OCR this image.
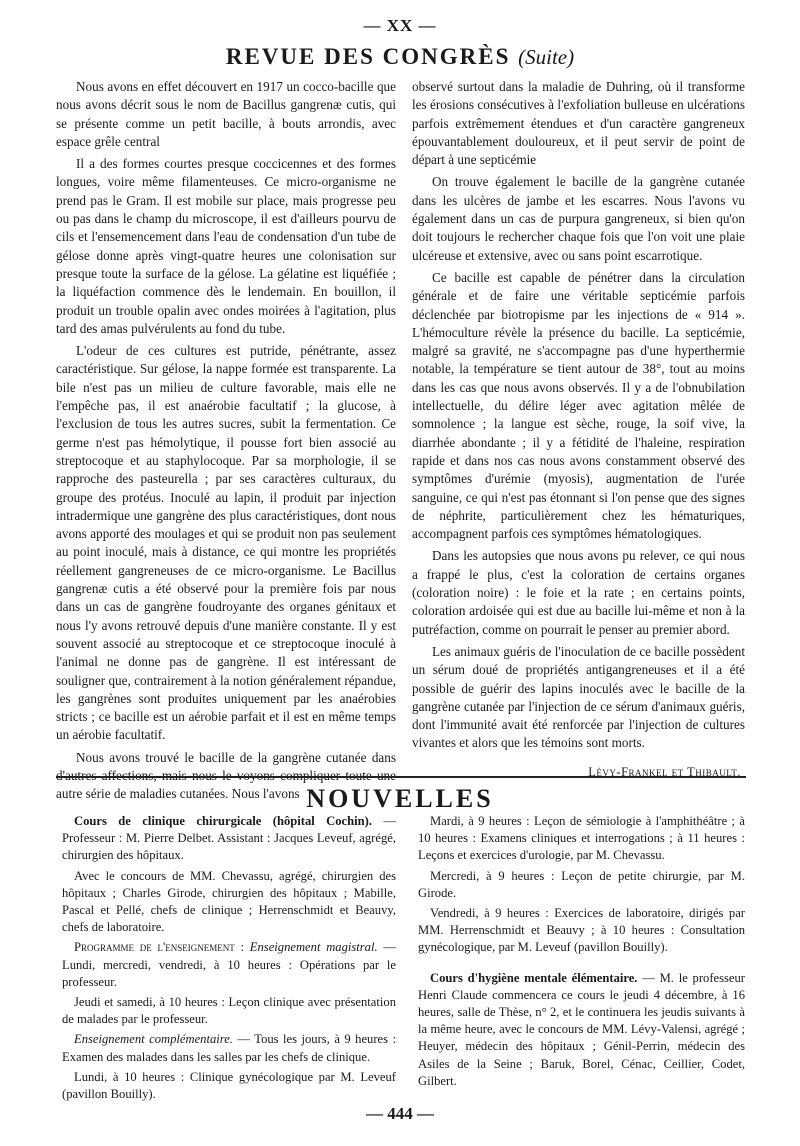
— XX —
REVUE DES CONGRÈS (Suite)

Nous avons en effet découvert en 1917 un cocco-bacille que nous avons décrit sous le nom de Bacillus gangrenæ cutis, qui se présente comme un petit bacille, à bouts arrondis, avec espace grêle central

Il a des formes courtes presque coccicennes et des formes longues, voire même filamenteuses. Ce micro-organisme ne prend pas le Gram. Il est mobile sur place, mais progresse peu ou pas dans le champ du microscope, il est d'ailleurs pourvu de cils et l'ensemencement dans l'eau de condensation d'un tube de gélose donne après vingt-quatre heures une colonisation sur presque toute la surface de la gélose. La gélatine est liquéfiée ; la liquéfaction commence dès le lendemain. En bouillon, il produit un trouble opalin avec ondes moirées à l'agitation, plus tard des amas pulvérulents au fond du tube.

L'odeur de ces cultures est putride, pénétrante, assez caractéristique. Sur gélose, la nappe formée est transparente. La bile n'est pas un milieu de culture favorable, mais elle ne l'empêche pas, il est anaérobie facultatif ; la glucose, à l'exclusion de tous les autres sucres, subit la fermentation. Ce germe n'est pas hémolytique, il pousse fort bien associé au streptocoque et au staphylocoque. Par sa morphologie, il se rapproche des pasteurella ; par ses caractères culturaux, du groupe des protéus. Inoculé au lapin, il produit par injection intradermique une gangrène des plus caractéristiques, dont nous avons apporté des moulages et qui se produit non pas seulement au point inoculé, mais à distance, ce qui montre les propriétés réellement gangreneuses de ce micro-organisme. Le Bacillus gangrenæ cutis a été observé pour la première fois par nous dans un cas de gangrène foudroyante des organes génitaux et nous l'y avons retrouvé depuis d'une manière constante. Il y est souvent associé au streptocoque et ce streptocoque inoculé à l'animal ne donne pas de gangrène. Il est intéressant de souligner que, contrairement à la notion généralement répandue, les gangrènes sont produites uniquement par les anaérobies stricts ; ce bacille est un aérobie parfait et il est en même temps un aérobie facultatif.

Nous avons trouvé le bacille de la gangrène cutanée dans d'autres affections, mais nous le voyons compliquer toute une autre série de maladies cutanées. Nous l'avons

observé surtout dans la maladie de Duhring, où il transforme les érosions consécutives à l'exfoliation bulleuse en ulcérations parfois extrêmement étendues et d'un caractère gangreneux épouvantablement douloureux, et il peut servir de point de départ à une septicémie

On trouve également le bacille de la gangrène cutanée dans les ulcères de jambe et les escarres. Nous l'avons vu également dans un cas de purpura gangreneux, si bien qu'on doit toujours le rechercher chaque fois que l'on voit une plaie ulcéreuse et extensive, avec ou sans point escarrotique.

Ce bacille est capable de pénétrer dans la circulation générale et de faire une véritable septicémie parfois déclenchée par biotropisme par les injections de « 914 ». L'hémoculture révèle la présence du bacille. La septicémie, malgré sa gravité, ne s'accompagne pas d'une hyperthermie notable, la température se tient autour de 38°, tout au moins dans les cas que nous avons observés. Il y a de l'obnubilation intellectuelle, du délire léger avec agitation mêlée de somnolence ; la langue est sèche, rouge, la soif vive, la diarrhée abondante ; il y a fétidité de l'haleine, respiration rapide et dans nos cas nous avons constamment observé des symptômes d'urémie (myosis), augmentation de l'urée sanguine, ce qui n'est pas étonnant si l'on pense que des signes de néphrite, particulièrement chez les hématuriques, accompagnent parfois ces symptômes hématologiques.

Dans les autopsies que nous avons pu relever, ce qui nous a frappé le plus, c'est la coloration de certains organes (coloration noire) : le foie et la rate ; en certains points, coloration ardoisée qui est due au bacille lui-même et non à la putréfaction, comme on pourrait le penser au premier abord.

Les animaux guéris de l'inoculation de ce bacille possèdent un sérum doué de propriétés antigangreneuses et il a été possible de guérir des lapins inoculés avec le bacille de la gangrène cutanée par l'injection de ce sérum d'animaux guéris, dont l'immunité avait été renforcée par l'injection de cultures vivantes et alors que les témoins sont morts.

Lévy-Frankel et Thibault.
NOUVELLES

Cours de clinique chirurgicale (hôpital Cochin). — Professeur : M. Pierre Delbet. Assistant : Jacques Leveuf, agrégé, chirurgien des hôpitaux.

Avec le concours de MM. Chevassu, agrégé, chirurgien des hôpitaux ; Charles Girode, chirurgien des hôpitaux ; Mabille, Pascal et Pellé, chefs de clinique ; Herrenschmidt et Beauvy, chefs de laboratoire.

Programme de l'enseignement : Enseignement magistral. — Lundi, mercredi, vendredi, à 10 heures : Opérations par le professeur.

Jeudi et samedi, à 10 heures : Leçon clinique avec présentation de malades par le professeur.

Enseignement complémentaire. — Tous les jours, à 9 heures : Examen des malades dans les salles par les chefs de clinique.

Lundi, à 10 heures : Clinique gynécologique par M. Leveuf (pavillon Bouilly).

Mardi, à 9 heures : Leçon de sémiologie à l'amphithéâtre ; à 10 heures : Examens cliniques et interrogations ; à 11 heures : Leçons et exercices d'urologie, par M. Chevassu.

Mercredi, à 9 heures : Leçon de petite chirurgie, par M. Girode.

Vendredi, à 9 heures : Exercices de laboratoire, dirigés par MM. Herrenschmidt et Beauvy ; à 10 heures : Consultation gynécologique, par M. Leveuf (pavillon Bouilly).

Cours d'hygiène mentale élémentaire. — M. le professeur Henri Claude commencera ce cours le jeudi 4 décembre, à 16 heures, salle de Thèse, n° 2, et le continuera les jeudis suivants à la même heure, avec le concours de MM. Lévy-Valensi, agrégé ; Heuyer, médecin des hôpitaux ; Génil-Perrin, médecin des Asiles de la Seine ; Baruk, Borel, Cénac, Ceillier, Codet, Gilbert.

— 444 —
